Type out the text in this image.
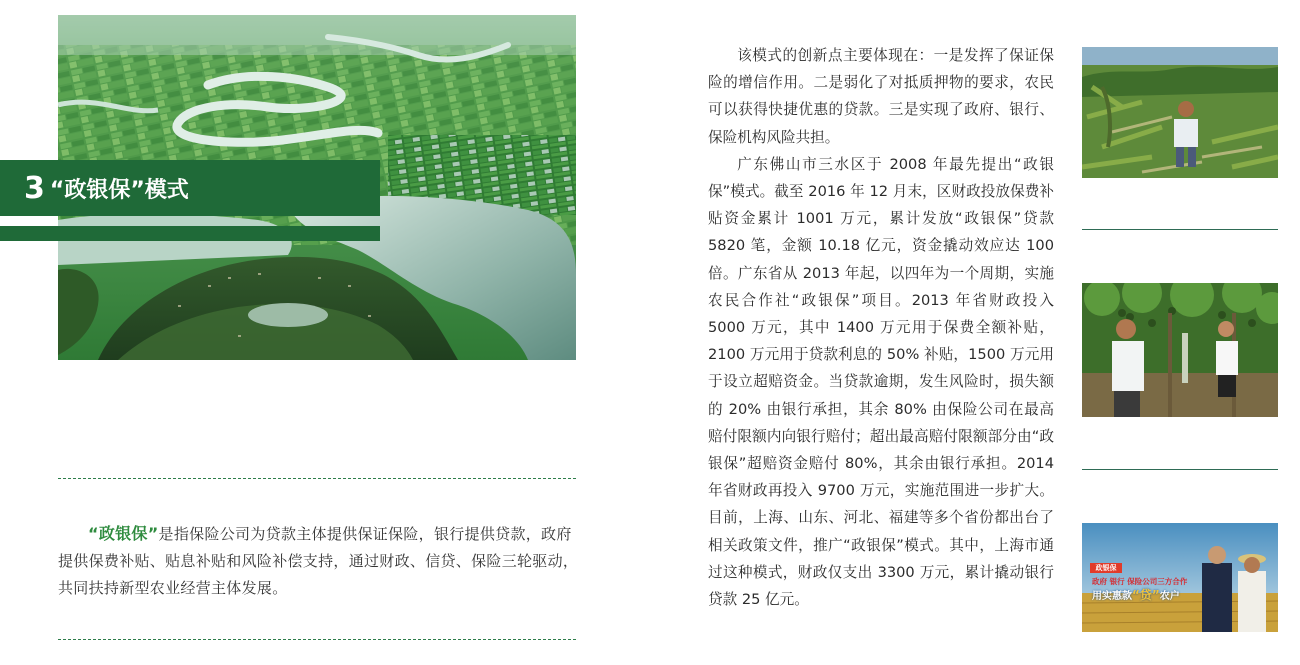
3 “政银保”模式
“政银保”是指保险公司为贷款主体提供保证保险，银行提供贷款，政府提供保费补贴、贴息补贴和风险补偿支持，通过财政、信贷、保险三轮驱动，共同扶持新型农业经营主体发展。

该模式的创新点主要体现在：一是发挥了保证保险的增信作用。二是弱化了对抵质押物的要求，农民可以获得快捷优惠的贷款。三是实现了政府、银行、保险机构风险共担。

广东佛山市三水区于 2008 年最先提出“政银保”模式。截至 2016 年 12 月末，区财政投放保费补贴资金累计 1001 万元，累计发放“政银保”贷款 5820 笔，金额 10.18 亿元，资金撬动效应达 100 倍。广东省从 2013 年起，以四年为一个周期，实施农民合作社“政银保”项目。2013 年省财政投入 5000 万元，其中 1400 万元用于保费全额补贴，2100 万元用于贷款利息的 50% 补贴，1500 万元用于设立超赔资金。当贷款逾期，发生风险时，损失额的 20% 由银行承担，其余 80% 由保险公司在最高赔付限额内向银行赔付；超出最高赔付限额部分由“政银保”超赔资金赔付 80%，其余由银行承担。2014 年省财政再投入 9700 万元，实施范围进一步扩大。目前，上海、山东、河北、福建等多个省份都出台了相关政策文件，推广“政银保”模式。其中，上海市通过这种模式，财政仅支出 3300 万元，累计撬动银行贷款 25 亿元。

政银保
政府 银行 保险公司三方合作
用实惠款“贷”农户
